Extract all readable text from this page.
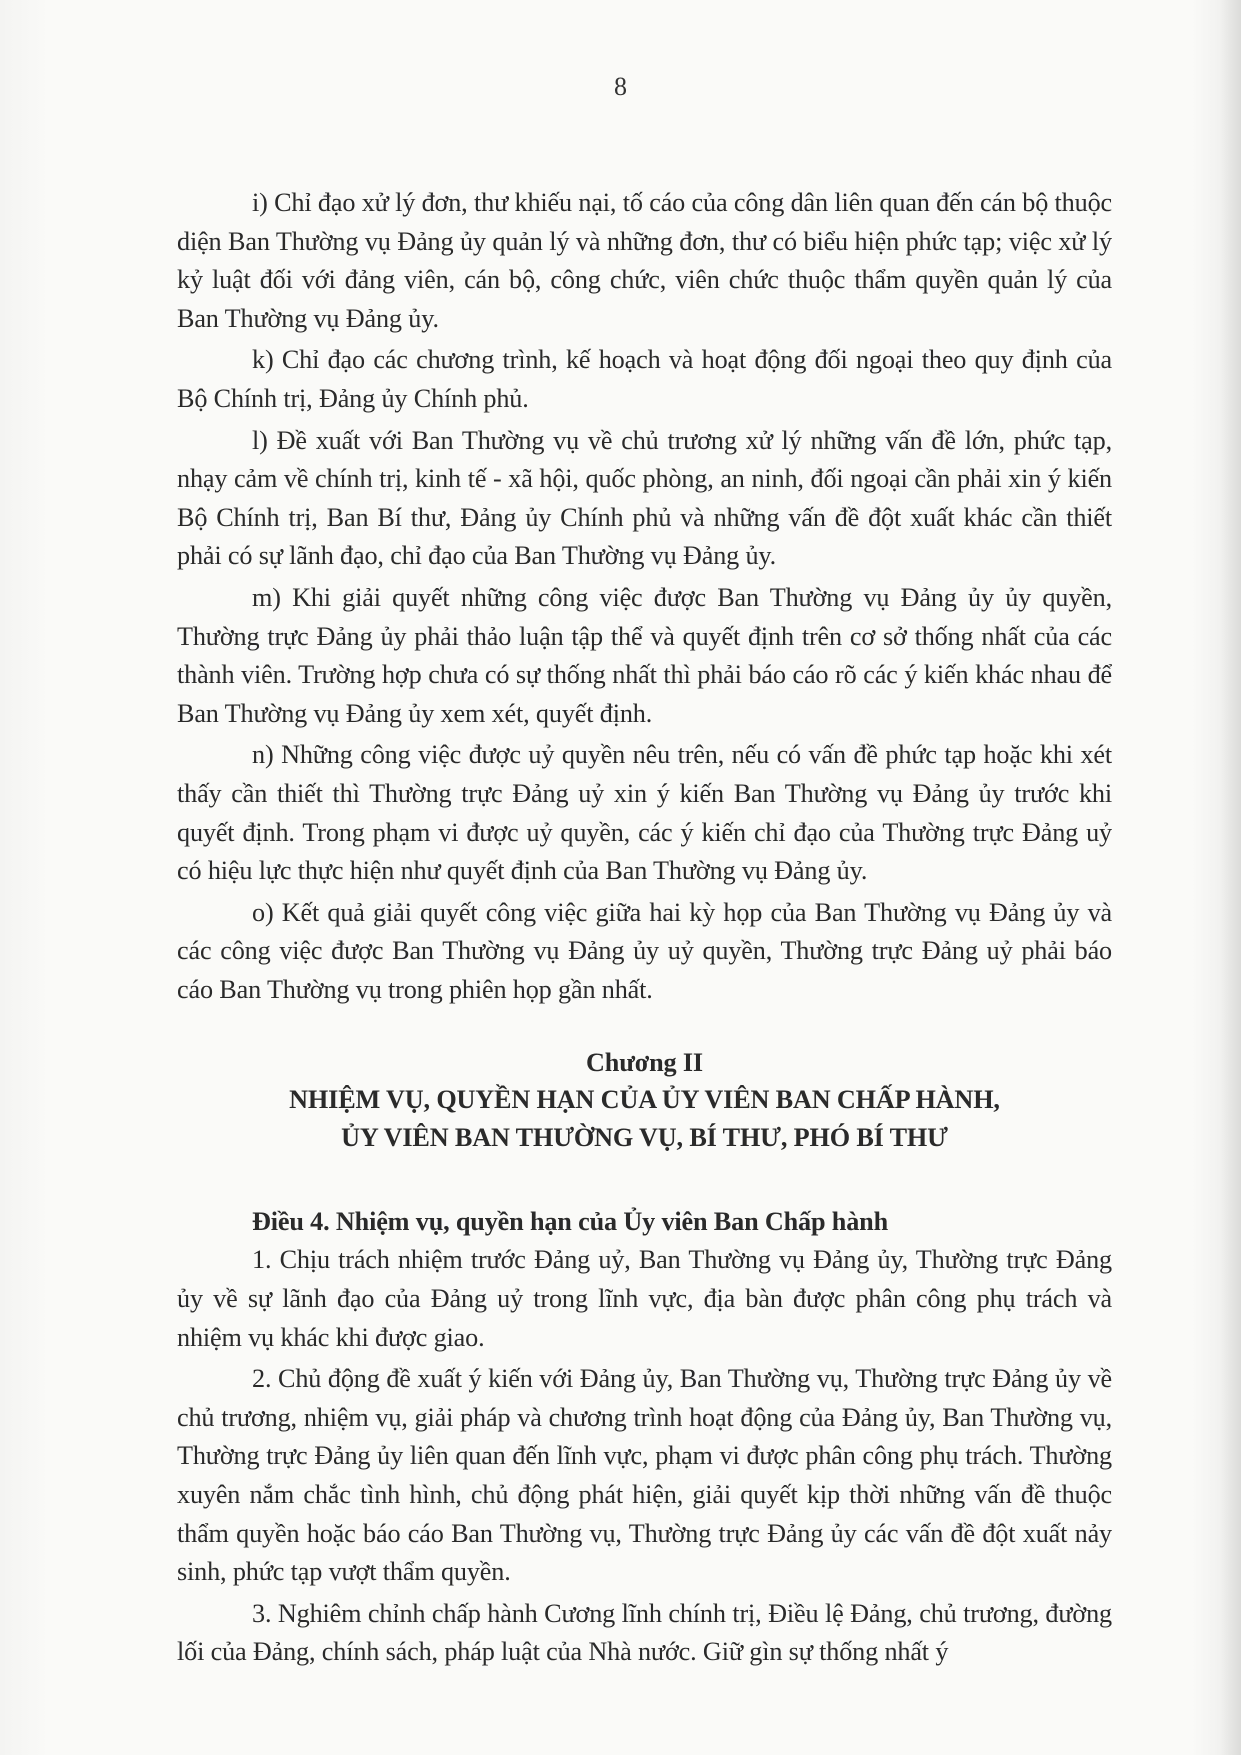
8

i) Chỉ đạo xử lý đơn, thư khiếu nại, tố cáo của công dân liên quan đến cán bộ thuộc diện Ban Thường vụ Đảng ủy quản lý và những đơn, thư có biểu hiện phức tạp; việc xử lý kỷ luật đối với đảng viên, cán bộ, công chức, viên chức thuộc thẩm quyền quản lý của Ban Thường vụ Đảng ủy.

k) Chỉ đạo các chương trình, kế hoạch và hoạt động đối ngoại theo quy định của Bộ Chính trị, Đảng ủy Chính phủ.

l) Đề xuất với Ban Thường vụ về chủ trương xử lý những vấn đề lớn, phức tạp, nhạy cảm về chính trị, kinh tế - xã hội, quốc phòng, an ninh, đối ngoại cần phải xin ý kiến Bộ Chính trị, Ban Bí thư, Đảng ủy Chính phủ và những vấn đề đột xuất khác cần thiết phải có sự lãnh đạo, chỉ đạo của Ban Thường vụ Đảng ủy.

m) Khi giải quyết những công việc được Ban Thường vụ Đảng ủy ủy quyền, Thường trực Đảng ủy phải thảo luận tập thể và quyết định trên cơ sở thống nhất của các thành viên. Trường hợp chưa có sự thống nhất thì phải báo cáo rõ các ý kiến khác nhau để Ban Thường vụ Đảng ủy xem xét, quyết định.

n) Những công việc được uỷ quyền nêu trên, nếu có vấn đề phức tạp hoặc khi xét thấy cần thiết thì Thường trực Đảng uỷ xin ý kiến Ban Thường vụ Đảng ủy trước khi quyết định. Trong phạm vi được uỷ quyền, các ý kiến chỉ đạo của Thường trực Đảng uỷ có hiệu lực thực hiện như quyết định của Ban Thường vụ Đảng ủy.

o) Kết quả giải quyết công việc giữa hai kỳ họp của Ban Thường vụ Đảng ủy và các công việc được Ban Thường vụ Đảng ủy uỷ quyền, Thường trực Đảng uỷ phải báo cáo Ban Thường vụ trong phiên họp gần nhất.

Chương II
NHIỆM VỤ, QUYỀN HẠN CỦA ỦY VIÊN BAN CHẤP HÀNH,
ỦY VIÊN BAN THƯỜNG VỤ, BÍ THƯ, PHÓ BÍ THƯ
Điều 4. Nhiệm vụ, quyền hạn của Ủy viên Ban Chấp hành

1. Chịu trách nhiệm trước Đảng uỷ, Ban Thường vụ Đảng ủy, Thường trực Đảng ủy về sự lãnh đạo của Đảng uỷ trong lĩnh vực, địa bàn được phân công phụ trách và nhiệm vụ khác khi được giao.

2. Chủ động đề xuất ý kiến với Đảng ủy, Ban Thường vụ, Thường trực Đảng ủy về chủ trương, nhiệm vụ, giải pháp và chương trình hoạt động của Đảng ủy, Ban Thường vụ, Thường trực Đảng ủy liên quan đến lĩnh vực, phạm vi được phân công phụ trách. Thường xuyên nắm chắc tình hình, chủ động phát hiện, giải quyết kịp thời những vấn đề thuộc thẩm quyền hoặc báo cáo Ban Thường vụ, Thường trực Đảng ủy các vấn đề đột xuất nảy sinh, phức tạp vượt thẩm quyền.

3. Nghiêm chỉnh chấp hành Cương lĩnh chính trị, Điều lệ Đảng, chủ trương, đường lối của Đảng, chính sách, pháp luật của Nhà nước. Giữ gìn sự thống nhất ý
